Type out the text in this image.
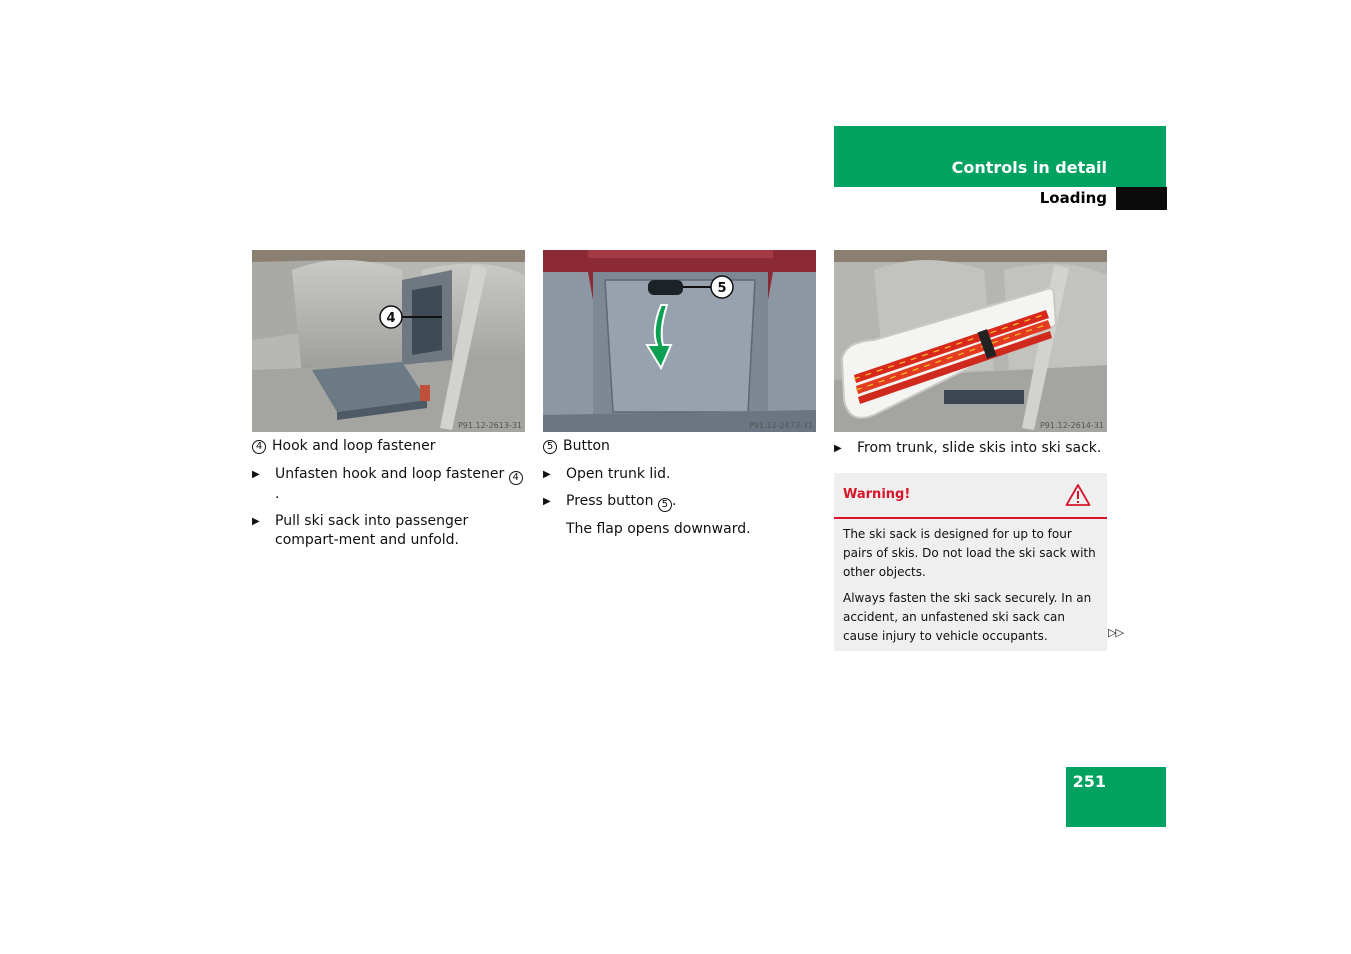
Controls in detail
Loading
4
P91.12-2613-31
5
P91.12-2473-31	P91.12-2614-31
4 Hook and loop fastener
▶	Unfasten hook and loop fastener 4.
▶	Pull ski sack into passenger compart-ment and unfold.
5 Button
▶	Open trunk lid.
▶	Press button 5 .
The flap opens downward.
▶	From trunk, slide skis into ski sack.
Warning!

The ski sack is designed for up to four pairs of skis. Do not load the ski sack with other objects.

Always fasten the ski sack securely. In an accident, an unfastened ski sack can cause injury to vehicle occupants.	▷▷
251
